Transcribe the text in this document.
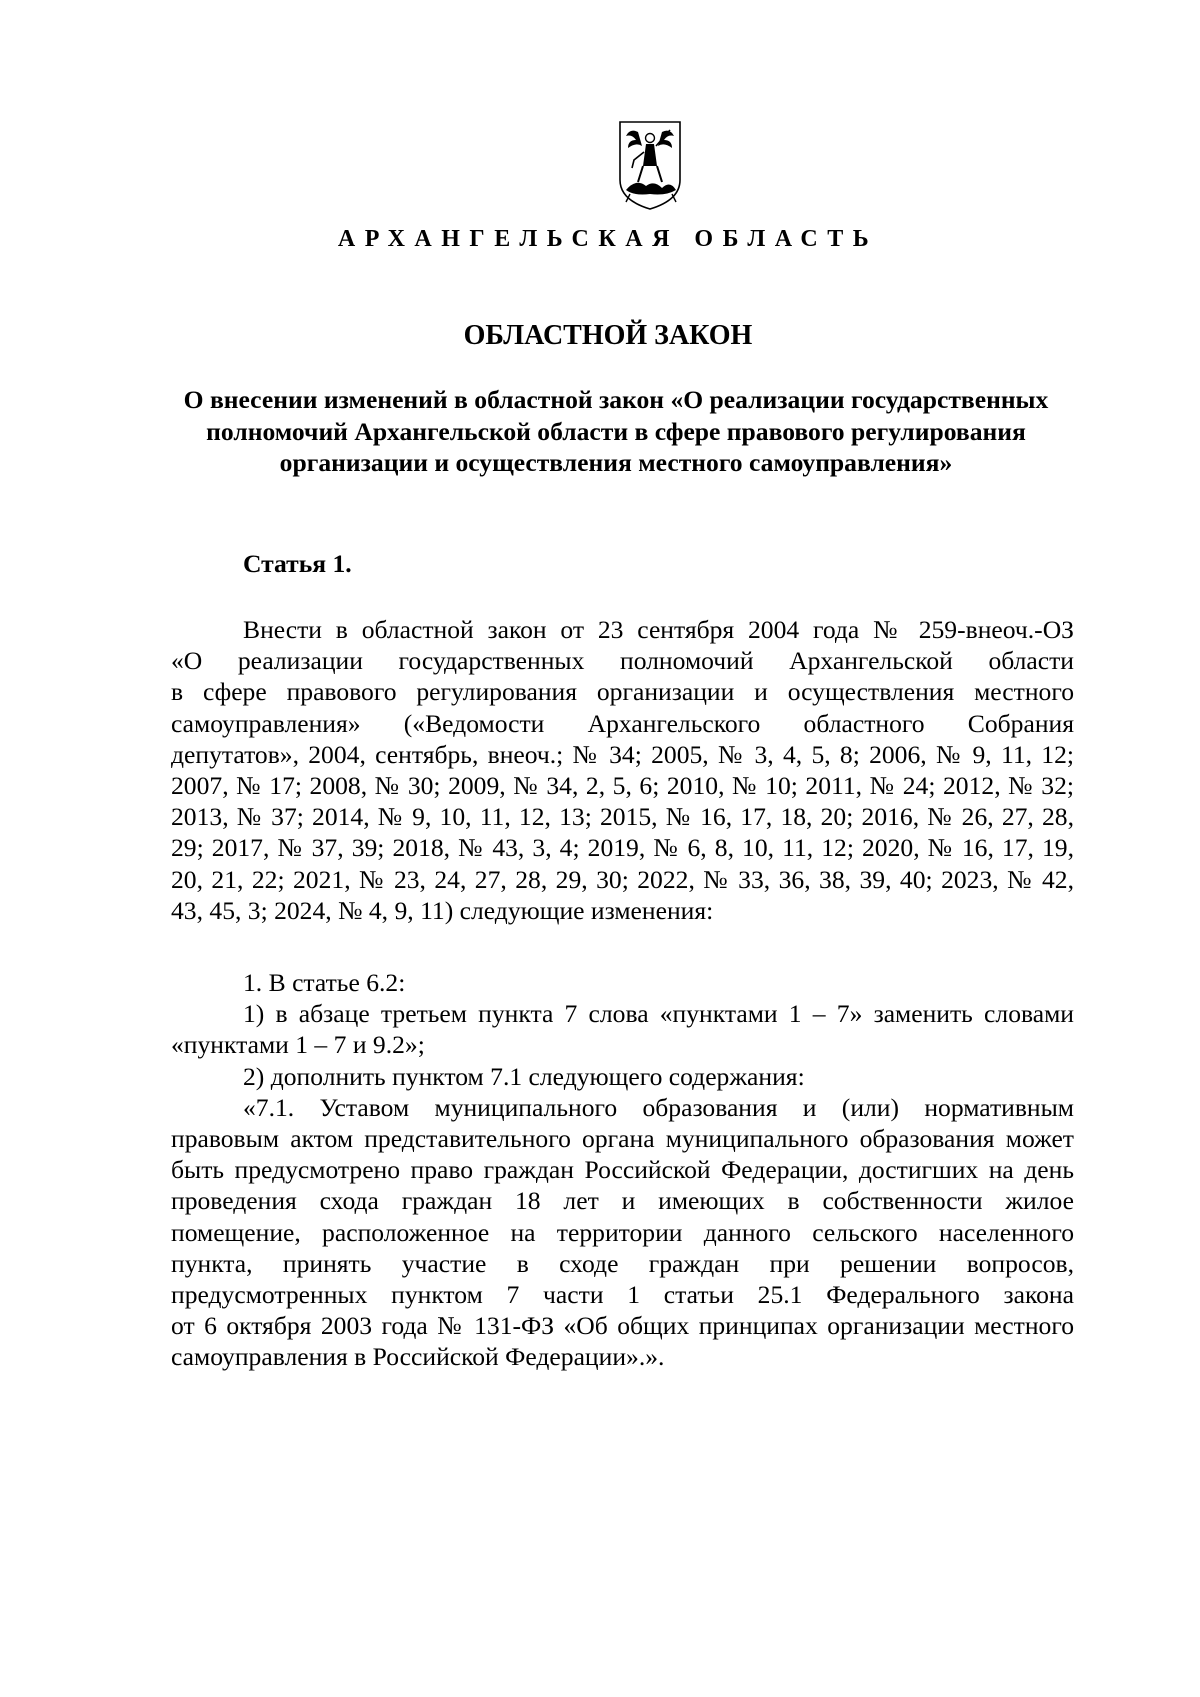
АРХАНГЕЛЬСКАЯ ОБЛАСТЬ
ОБЛАСТНОЙ ЗАКОН
О внесении изменений в областной закон «О реализации государственных
полномочий Архангельской области в сфере правового регулирования
организации и осуществления местного самоуправления»
Статья 1.
Внести в областной закон от 23 сентября 2004 года № 259-внеоч.-ОЗ
«О реализации государственных полномочий Архангельской области
в сфере правового регулирования организации и осуществления местного
самоуправления» («Ведомости Архангельского областного Собрания
депутатов», 2004, сентябрь, внеоч.; № 34; 2005, № 3, 4, 5, 8; 2006, № 9, 11, 12;
2007, № 17; 2008, № 30; 2009, № 34, 2, 5, 6; 2010, № 10; 2011, № 24; 2012, № 32;
2013, № 37; 2014, № 9, 10, 11, 12, 13; 2015, № 16, 17, 18, 20; 2016, № 26, 27, 28,
29; 2017, № 37, 39; 2018, № 43, 3, 4; 2019, № 6, 8, 10, 11, 12; 2020, № 16, 17, 19,
20, 21, 22; 2021, № 23, 24, 27, 28, 29, 30; 2022, № 33, 36, 38, 39, 40; 2023, № 42,
43, 45, 3; 2024, № 4, 9, 11) следующие изменения:
1. В статье 6.2:
1) в абзаце третьем пункта 7 слова «пунктами 1 – 7» заменить словами
«пунктами 1 – 7 и 9.2»;
2) дополнить пунктом 7.1 следующего содержания:
«7.1. Уставом муниципального образования и (или) нормативным
правовым актом представительного органа муниципального образования может
быть предусмотрено право граждан Российской Федерации, достигших на день
проведения схода граждан 18 лет и имеющих в собственности жилое
помещение, расположенное на территории данного сельского населенного
пункта, принять участие в сходе граждан при решении вопросов,
предусмотренных пунктом 7 части 1 статьи 25.1 Федерального закона
от 6 октября 2003 года № 131-ФЗ «Об общих принципах организации местного
самоуправления в Российской Федерации».».
